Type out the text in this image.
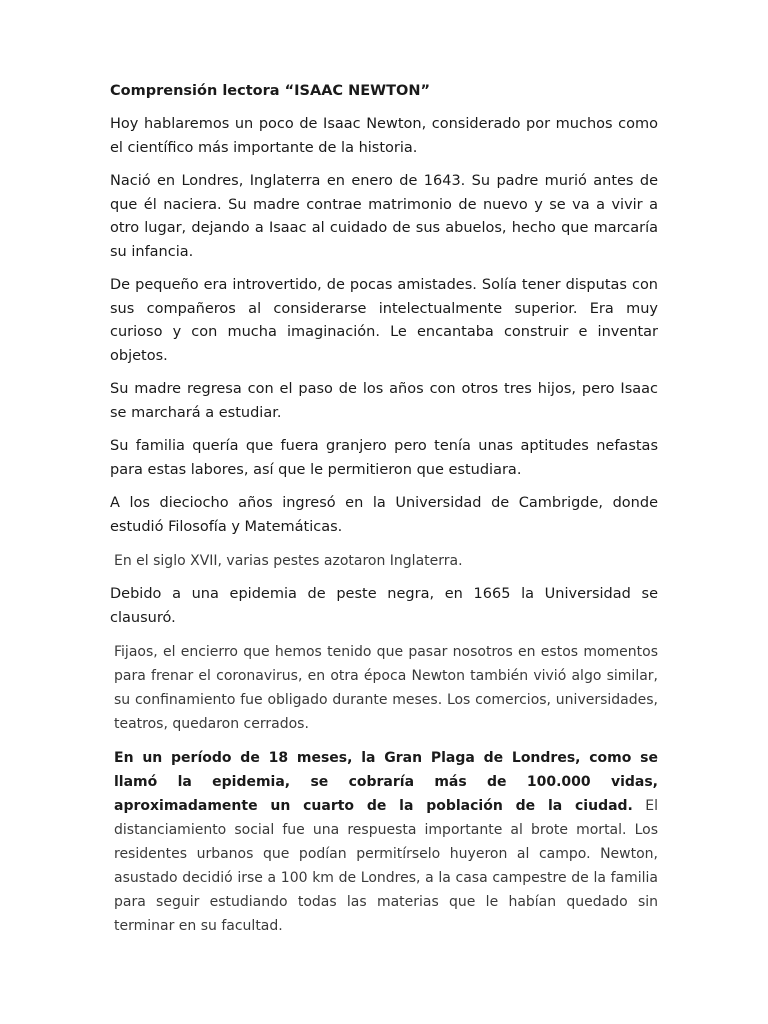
Comprensión lectora “ISAAC NEWTON”

Hoy hablaremos un poco de Isaac Newton, considerado por muchos como el científico más importante de la historia.

Nació en Londres, Inglaterra en enero de 1643. Su padre murió antes de que él naciera. Su madre contrae matrimonio de nuevo y se va a vivir a otro lugar, dejando a Isaac al cuidado de sus abuelos, hecho que marcaría su infancia.

De pequeño era introvertido, de pocas amistades. Solía tener disputas con sus compañeros al considerarse intelectualmente superior. Era muy curioso y con mucha imaginación. Le encantaba construir e inventar objetos.

Su madre regresa con el paso de los años con otros tres hijos, pero Isaac se marchará a estudiar.

Su familia quería que fuera granjero pero tenía unas aptitudes nefastas para estas labores, así que le permitieron que estudiara.

A los dieciocho años ingresó en la Universidad de Cambrigde, donde estudió Filosofía y Matemáticas.

En el siglo XVII, varias pestes azotaron Inglaterra.

Debido a una epidemia de peste negra, en 1665 la Universidad se clausuró.

Fijaos, el encierro que hemos tenido que pasar nosotros en estos momentos para frenar el coronavirus, en otra época Newton también vivió algo similar, su confinamiento fue obligado durante meses. Los comercios, universidades, teatros, quedaron cerrados.

En un período de 18 meses, la Gran Plaga de Londres, como se llamó la epidemia, se cobraría más de 100.000 vidas, aproximadamente un cuarto de la población de la ciudad. El distanciamiento social fue una respuesta importante al brote mortal. Los residentes urbanos que podían permitírselo huyeron al campo. Newton, asustado decidió irse a 100 km de Londres, a la casa campestre de la familia para seguir estudiando todas las materias que le habían quedado sin terminar en su facultad.
